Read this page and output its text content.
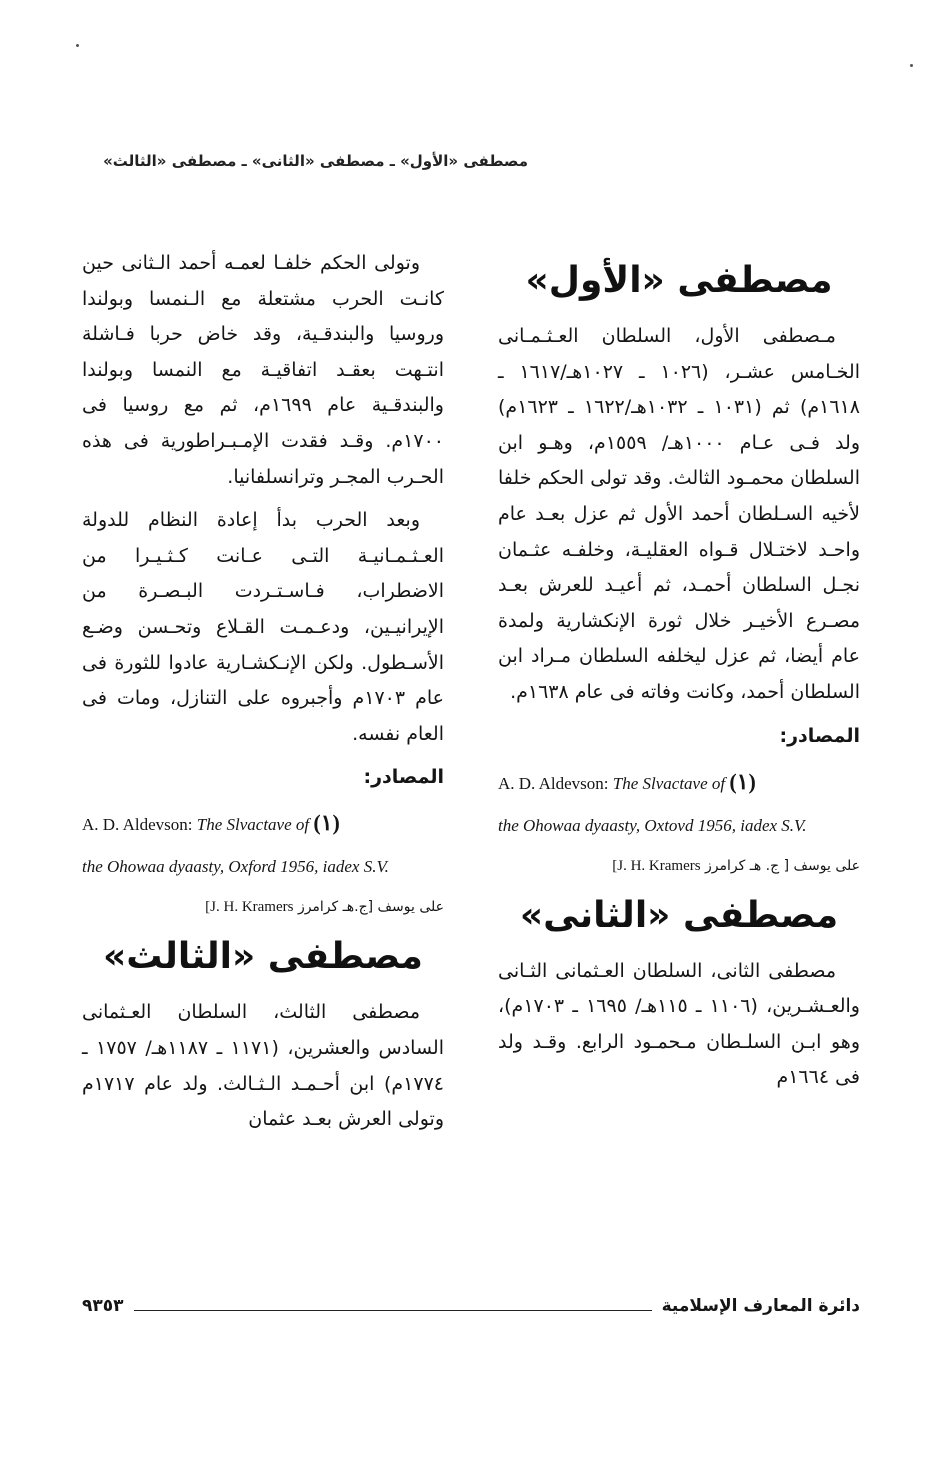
مصطفى «الأول» ـ مصطفى «الثانى» ـ مصطفى «الثالث»
مصطفى «الأول»

مـصطفى الأول، السلطان العـثـمـانى الخـامس عشـر، (١٠٢٦ ـ ١٠٢٧هـ/١٦١٧ ـ ١٦١٨م) ثم (١٠٣١ ـ ١٠٣٢هـ/١٦٢٢ ـ ١٦٢٣م) ولد فـى عـام ١٠٠٠هـ/ ١٥٥٩م، وهـو ابن السلطان محمـود الثالث. وقد تولى الحكم خلفا لأخيه السـلطان أحمد الأول ثم عزل بعـد عام واحـد لاختـلال قـواه العقليـة، وخلفـه عثـمان نجـل السلطان أحمـد، ثم أعيـد للعرش بعـد مصـرع الأخيـر خلال ثورة الإنكشارية ولمدة عام أيضا، ثم عزل ليخلفه السلطان مـراد ابن السلطان أحمد، وكانت وفاته فى عام ١٦٣٨م.

المصادر:

A. D. Aldevson: The Slvactave of (١)
the Ohowaa dyaasty, Oxtovd 1956, iadex S.V.

على يوسف [ ج. هـ كرامرز J. H. Kramers]
مصطفى «الثانى»

مصطفى الثانى، السلطان العـثمانى الثـانى والعـشـرين، (١١٠٦ ـ ١١٥هـ/ ١٦٩٥ ـ ١٧٠٣م)، وهو ابـن السلـطان مـحمـود الرابع. وقـد ولد فى ١٦٦٤م

وتولى الحكم خلفـا لعمـه أحمد الـثانى حين كانـت الحرب مشتعلة مع الـنمسا وبولندا وروسيا والبندقـية، وقد خاض حربا فـاشلة انتـهت بعقـد اتفاقيـة مع النمسا وبولندا والبندقـية عام ١٦٩٩م، ثم مع روسيا فى ١٧٠٠م. وقـد فقدت الإمـبـراطورية فى هذه الحـرب المجـر وترانسلفانيا.

وبعد الحرب بدأ إعادة النظام للدولة العـثـمـانيـة التـى عـانت كـثـيـرا من الاضطراب، فـاسـتـردت البـصـرة من الإيرانيـين، ودعـمـت القـلاع وتحـسن وضـع الأسـطول. ولكن الإنـكشـارية عادوا للثورة فى عام ١٧٠٣م وأجبروه على التنازل، ومات فى العام نفسه.

المصادر:

A. D. Aldevson: The Slvactave of (١)
the Ohowaa dyaasty, Oxford 1956, iadex S.V.

على يوسف [ج.هـ كرامرز J. H. Kramers]
مصطفى «الثالث»

مصطفى الثالث، السلطان العـثمانى السادس والعشرين، (١١٧١ ـ ١١٨٧هـ/ ١٧٥٧ ـ ١٧٧٤م) ابن أحـمـد الـثـالث. ولد عام ١٧١٧م وتولى العرش بعـد عثمان

دائرة المعارف الإسلامية
٩٣٥٣
